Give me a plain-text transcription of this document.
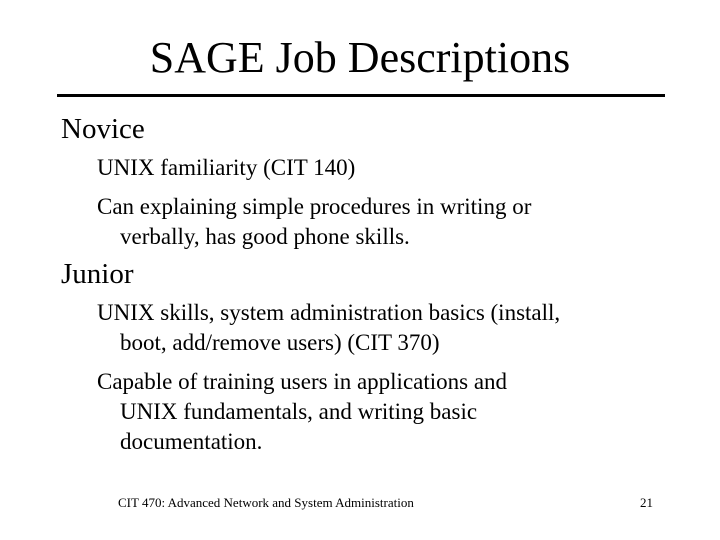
SAGE Job Descriptions
Novice
UNIX familiarity (CIT 140)
Can explaining simple procedures in writing or
verbally, has good phone skills.
Junior
UNIX skills, system administration basics (install,
boot, add/remove users) (CIT 370)
Capable of training users in applications and
UNIX fundamentals, and writing basic
documentation.
CIT 470: Advanced Network and System Administration	21
